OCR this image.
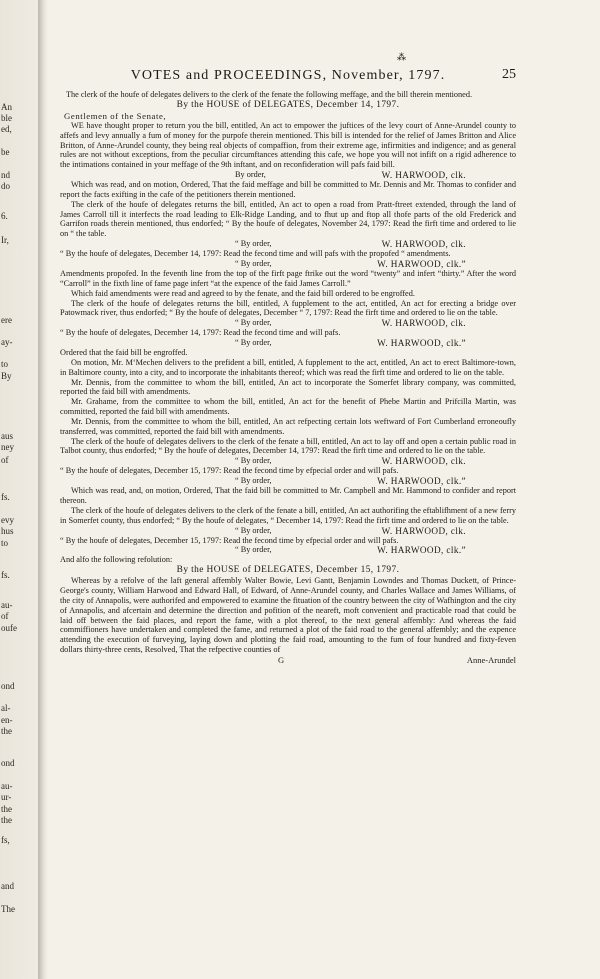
An
ble
ed,
be
nd
do
6.
Ir,
ere
ay-
to
By
aus
ney
of
fs.
evy
hus
to
fs.
au-
of
oufe
ond
al-
en-
the
ond
au-
ur-
the
the
fs,
and
The
⁂
VOTES and PROCEEDINGS, November, 1797.	25

The clerk of the houfe of delegates delivers to the clerk of the fenate the following meffage, and the bill therein mentioned.

By the HOUSE of DELEGATES, December 14, 1797.

Gentlemen of the Senate,

WE have thought proper to return you the bill, entitled, An act to empower the juftices of the levy court of Anne-Arundel county to affefs and levy annually a fum of money for the purpofe therein mentioned. This bill is intended for the relief of James Britton and Alice Britton, of Anne-Arundel county, they being real objects of compaffion, from their extreme age, infirmities and indigence; and as general rules are not without exceptions, from the peculiar circumftances attending this cafe, we hope you will not infift on a rigid adherence to the intimations contained in your meffage of the 9th inftant, and on reconfideration will pafs faid bill.

By order,	W. HARWOOD, clk.

Which was read, and on motion, Ordered, That the faid meffage and bill be committed to Mr. Dennis and Mr. Thomas to confider and report the facts exifting in the cafe of the petitioners therein mentioned.

The clerk of the houfe of delegates returns the bill, entitled, An act to open a road from Pratt-ftreet extended, through the land of James Carroll till it interfects the road leading to Elk-Ridge Landing, and to fhut up and ftop all thofe parts of the old Frederick and Garrifon roads therein mentioned, thus endorfed; “ By the houfe of delegates, November 24, 1797: Read the firft time and ordered to lie on “ the table.

“ By order,	W. HARWOOD, clk.

“ By the houfe of delegates, December 14, 1797: Read the fecond time and will pafs with the propofed “ amendments.

“ By order,	W. HARWOOD, clk.”

Amendments propofed. In the feventh line from the top of the firft page ftrike out the word “twenty” and infert “thirty.” After the word “Carroll” in the fixth line of fame page infert “at the expence of the faid James Carroll.”

Which faid amendments were read and agreed to by the fenate, and the faid bill ordered to be engroffed.

The clerk of the houfe of delegates returns the bill, entitled, A fupplement to the act, entitled, An act for erecting a bridge over Patowmack river, thus endorfed; “ By the houfe of delegates, December “ 7, 1797: Read the firft time and ordered to lie on the table.

“ By order,	W. HARWOOD, clk.

“ By the houfe of delegates, December 14, 1797: Read the fecond time and will pafs.

“ By order,	W. HARWOOD, clk.”

Ordered that the faid bill be engroffed.

On motion, Mr. M‘Mechen delivers to the prefident a bill, entitled, A fupplement to the act, entitled, An act to erect Baltimore-town, in Baltimore county, into a city, and to incorporate the inhabitants thereof; which was read the firft time and ordered to lie on the table.

Mr. Dennis, from the committee to whom the bill, entitled, An act to incorporate the Somerfet library company, was committed, reported the faid bill with amendments.

Mr. Grahame, from the committee to whom the bill, entitled, An act for the benefit of Phebe Martin and Prifcilla Martin, was committed, reported the faid bill with amendments.

Mr. Dennis, from the committee to whom the bill, entitled, An act refpecting certain lots weftward of Fort Cumberland erroneoufly transferred, was committed, reported the faid bill with amendments.

The clerk of the houfe of delegates delivers to the clerk of the fenate a bill, entitled, An act to lay off and open a certain public road in Talbot county, thus endorfed; “ By the houfe of delegates, December 14, 1797: Read the firft time and ordered to lie on the table.

“ By order,	W. HARWOOD, clk.

“ By the houfe of delegates, December 15, 1797: Read the fecond time by efpecial order and will pafs.

“ By order,	W. HARWOOD, clk.”

Which was read, and, on motion, Ordered, That the faid bill be committed to Mr. Campbell and Mr. Hammond to confider and report thereon.

The clerk of the houfe of delegates delivers to the clerk of the fenate a bill, entitled, An act authorifing the eftablifhment of a new ferry in Somerfet county, thus endorfed; “ By the houfe of delegates, “ December 14, 1797: Read the firft time and ordered to lie on the table.

“ By order,	W. HARWOOD, clk.

“ By the houfe of delegates, December 15, 1797: Read the fecond time by efpecial order and will pafs.

“ By order,	W. HARWOOD, clk.”

And alfo the following refolution:

By the HOUSE of DELEGATES, December 15, 1797.

Whereas by a refolve of the laft general affembly Walter Bowie, Levi Gantt, Benjamin Lowndes and Thomas Duckett, of Prince-George's county, William Harwood and Edward Hall, of Edward, of Anne-Arundel county, and Charles Wallace and James Williams, of the city of Annapolis, were authorifed and empowered to examine the fituation of the country between the city of Wafhington and the city of Annapolis, and afcertain and determine the direction and pofition of the neareft, moft convenient and practicable road that could be laid off between the faid places, and report the fame, with a plot thereof, to the next general affembly: And whereas the faid commiffioners have undertaken and completed the fame, and returned a plot of the faid road to the general affembly; and the expence attending the execution of furveying, laying down and plotting the faid road, amounting to the fum of four hundred and fixty-feven dollars thirty-three cents, Resolved, That the refpective counties of

G	Anne-Arundel
